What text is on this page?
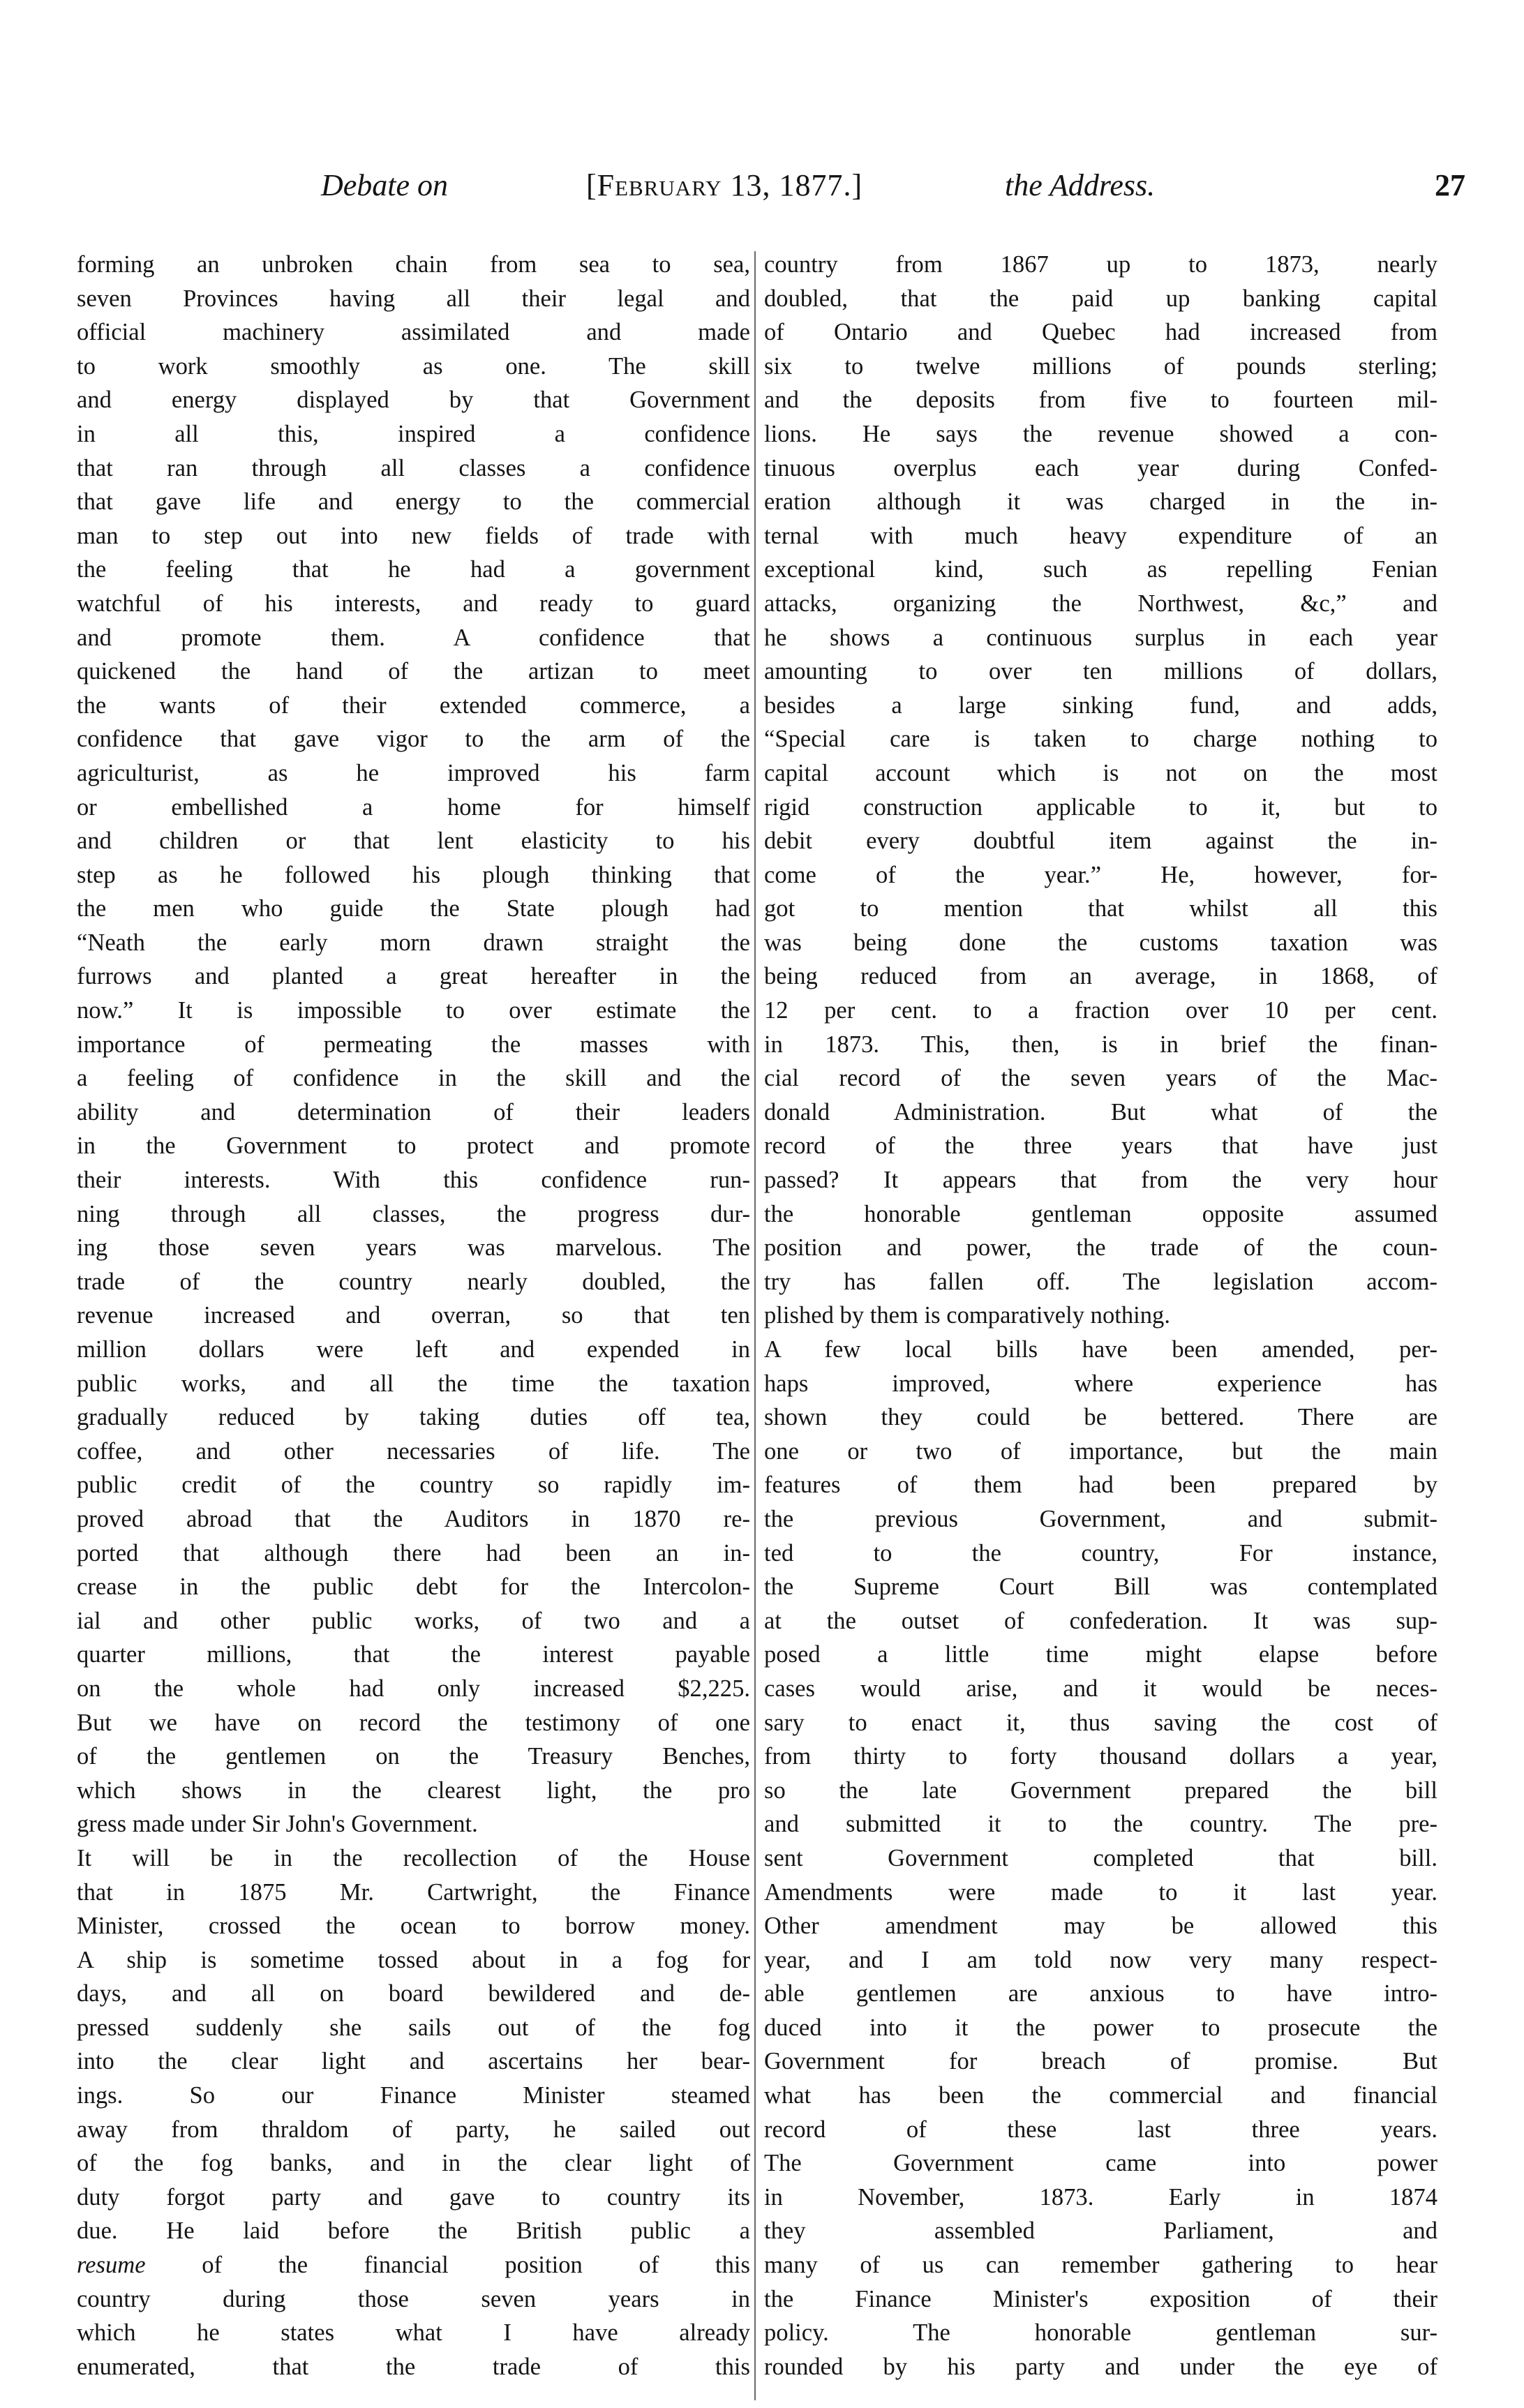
Debate on	[February 13, 1877.]	the Address.	27
forming an unbroken chain from sea to sea,
seven Provinces having all their legal and
official machinery assimilated and made
to work smoothly as one. The skill
and energy displayed by that Government
in all this, inspired a confidence
that ran through all classes a confidence
that gave life and energy to the commercial
man to step out into new fields of trade with
the feeling that he had a government
watchful of his interests, and ready to guard
and promote them. A confidence that
quickened the hand of the artizan to meet
the wants of their extended commerce, a
confidence that gave vigor to the arm of the
agriculturist, as he improved his farm
or embellished a home for himself
and children or that lent elasticity to his
step as he followed his plough thinking that
the men who guide the State plough had
“Neath the early morn drawn straight the
furrows and planted a great hereafter in the
now.” It is impossible to over estimate the
importance of permeating the masses with
a feeling of confidence in the skill and the
ability and determination of their leaders
in the Government to protect and promote
their interests. With this confidence run-
ning through all classes, the progress dur-
ing those seven years was marvelous. The
trade of the country nearly doubled, the
revenue increased and overran, so that ten
million dollars were left and expended in
public works, and all the time the taxation
gradually reduced by taking duties off tea,
coffee, and other necessaries of life. The
public credit of the country so rapidly im-
proved abroad that the Auditors in 1870 re-
ported that although there had been an in-
crease in the public debt for the Intercolon-
ial and other public works, of two and a
quarter millions, that the interest payable
on the whole had only increased $2,225.
But we have on record the testimony of one
of the gentlemen on the Treasury Benches,
which shows in the clearest light, the pro
gress made under Sir John's Government.
It will be in the recollection of the House
that in 1875 Mr. Cartwright, the Finance
Minister, crossed the ocean to borrow money.
A ship is sometime tossed about in a fog for
days, and all on board bewildered and de-
pressed suddenly she sails out of the fog
into the clear light and ascertains her bear-
ings. So our Finance Minister steamed
away from thraldom of party, he sailed out
of the fog banks, and in the clear light of
duty forgot party and gave to country its
due. He laid before the British public a
resume of the financial position of this
country during those seven years in
which he states what I have already
enumerated, that the trade of this
country from 1867 up to 1873, nearly
doubled, that the paid up banking capital
of Ontario and Quebec had increased from
six to twelve millions of pounds sterling;
and the deposits from five to fourteen mil-
lions. He says the revenue showed a con-
tinuous overplus each year during Confed-
eration although it was charged in the in-
ternal with much heavy expenditure of an
exceptional kind, such as repelling Fenian
attacks, organizing the Northwest, &c,” and
he shows a continuous surplus in each year
amounting to over ten millions of dollars,
besides a large sinking fund, and adds,
“Special care is taken to charge nothing to
capital account which is not on the most
rigid construction applicable to it, but to
debit every doubtful item against the in-
come of the year.” He, however, for-
got to mention that whilst all this
was being done the customs taxation was
being reduced from an average, in 1868, of
12 per cent. to a fraction over 10 per cent.
in 1873. This, then, is in brief the finan-
cial record of the seven years of the Mac-
donald Administration. But what of the
record of the three years that have just
passed? It appears that from the very hour
the honorable gentleman opposite assumed
position and power, the trade of the coun-
try has fallen off. The legislation accom-
plished by them is comparatively nothing.
A few local bills have been amended, per-
haps improved, where experience has
shown they could be bettered. There are
one or two of importance, but the main
features of them had been prepared by
the previous Government, and submit-
ted to the country, For instance,
the Supreme Court Bill was contemplated
at the outset of confederation. It was sup-
posed a little time might elapse before
cases would arise, and it would be neces-
sary to enact it, thus saving the cost of
from thirty to forty thousand dollars a year,
so the late Government prepared the bill
and submitted it to the country. The pre-
sent Government completed that bill.
Amendments were made to it last year.
Other amendment may be allowed this
year, and I am told now very many respect-
able gentlemen are anxious to have intro-
duced into it the power to prosecute the
Government for breach of promise. But
what has been the commercial and financial
record of these last three years.
The Government came into power
in November, 1873. Early in 1874
they assembled Parliament, and
many of us can remember gathering to hear
the Finance Minister's exposition of their
policy. The honorable gentleman sur-
rounded by his party and under the eye of
